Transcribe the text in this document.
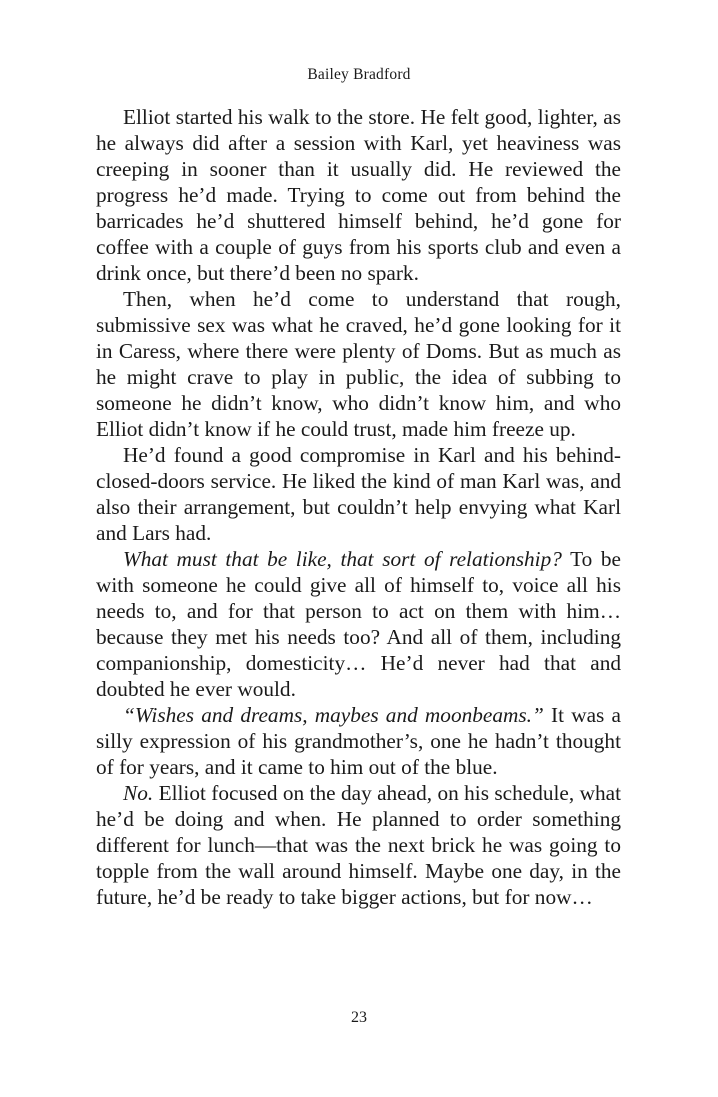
Bailey Bradford

Elliot started his walk to the store. He felt good, lighter, as he always did after a session with Karl, yet heaviness was creeping in sooner than it usually did. He reviewed the progress he’d made. Trying to come out from behind the barricades he’d shuttered himself behind, he’d gone for coffee with a couple of guys from his sports club and even a drink once, but there’d been no spark.

Then, when he’d come to understand that rough, submissive sex was what he craved, he’d gone looking for it in Caress, where there were plenty of Doms. But as much as he might crave to play in public, the idea of subbing to someone he didn’t know, who didn’t know him, and who Elliot didn’t know if he could trust, made him freeze up.

He’d found a good compromise in Karl and his behind-closed-doors service. He liked the kind of man Karl was, and also their arrangement, but couldn’t help envying what Karl and Lars had.

What must that be like, that sort of relationship? To be with someone he could give all of himself to, voice all his needs to, and for that person to act on them with him…because they met his needs too? And all of them, including companionship, domesticity… He’d never had that and doubted he ever would.

“Wishes and dreams, maybes and moonbeams.” It was a silly expression of his grandmother’s, one he hadn’t thought of for years, and it came to him out of the blue.

No. Elliot focused on the day ahead, on his schedule, what he’d be doing and when. He planned to order something different for lunch—that was the next brick he was going to topple from the wall around himself. Maybe one day, in the future, he’d be ready to take bigger actions, but for now…

23
